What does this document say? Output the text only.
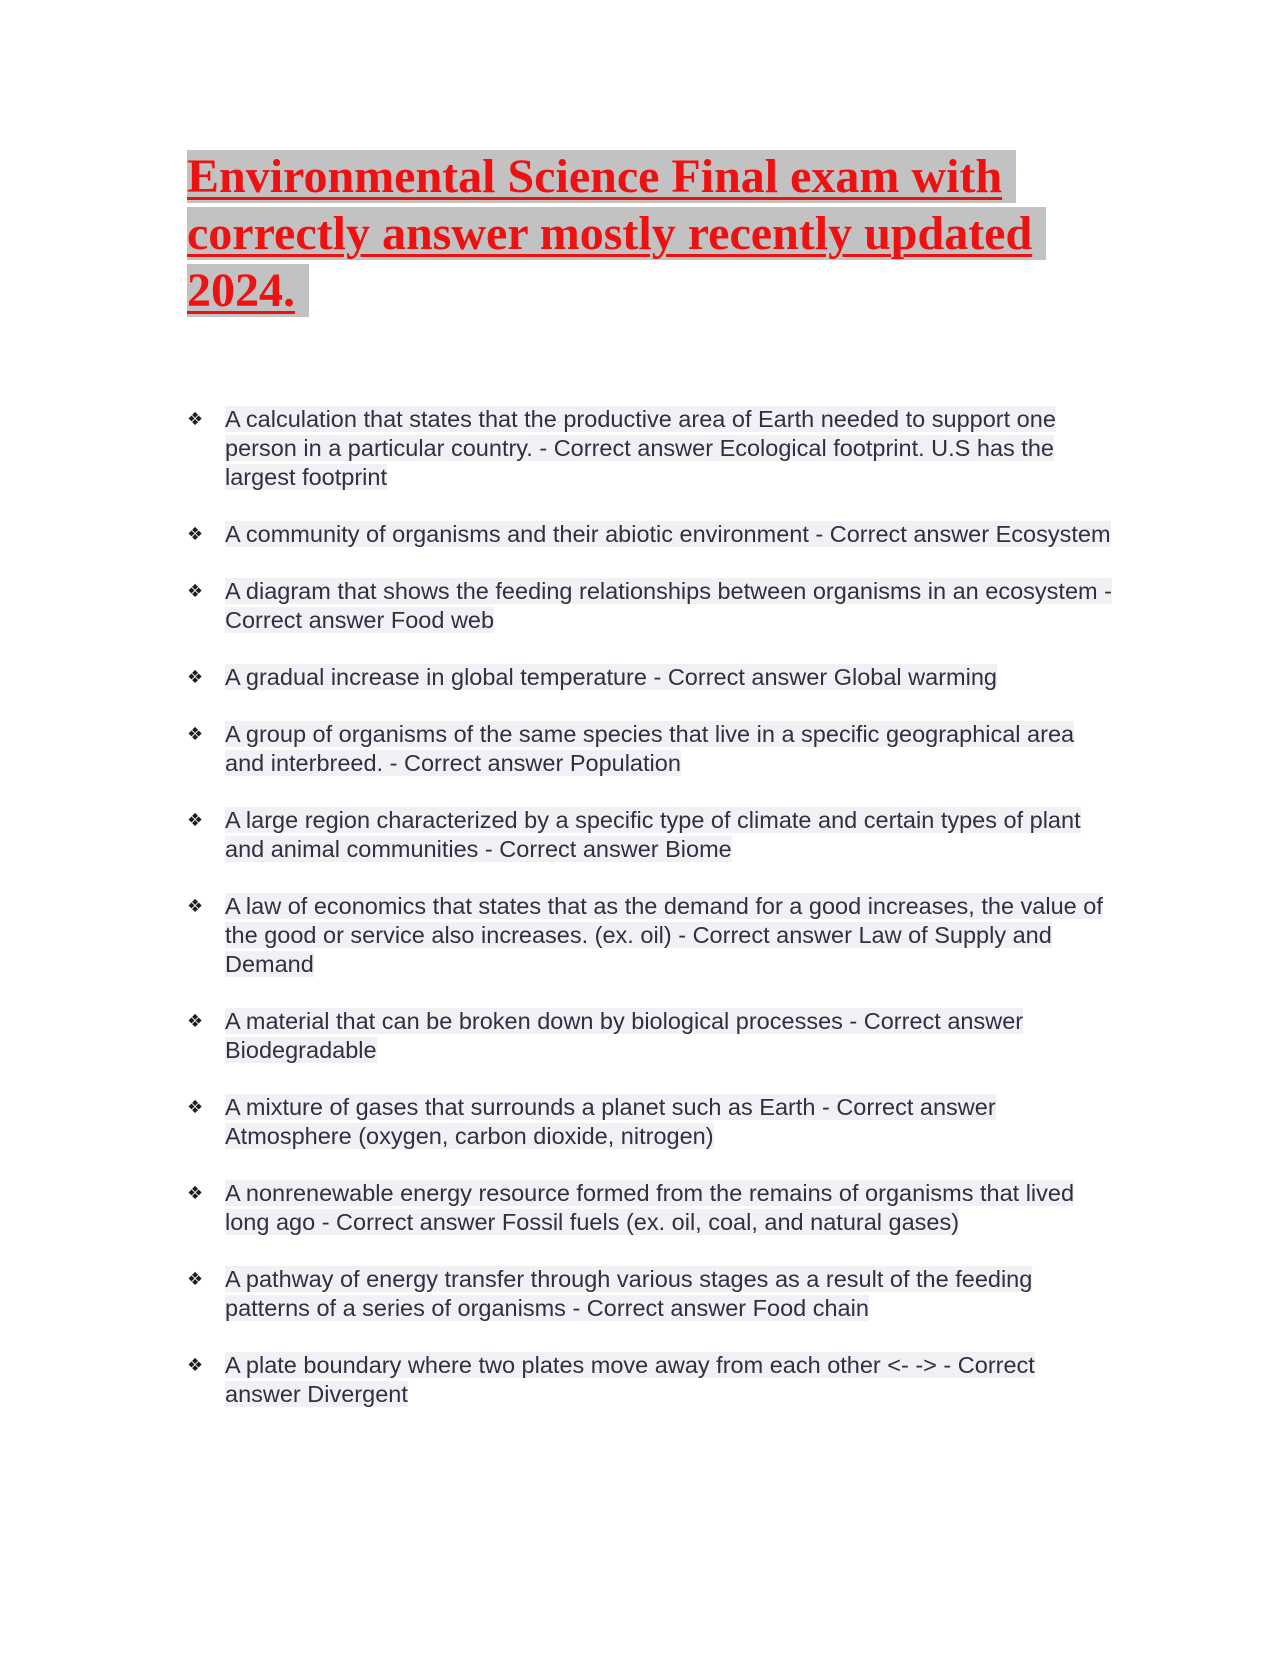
Environmental Science Final exam with correctly answer mostly recently updated 2024.
❖ A calculation that states that the productive area of Earth needed to support one person in a particular country. - Correct answer Ecological footprint. U.S has the largest footprint
❖ A community of organisms and their abiotic environment - Correct answer Ecosystem
❖ A diagram that shows the feeding relationships between organisms in an ecosystem - Correct answer Food web
❖ A gradual increase in global temperature - Correct answer Global warming
❖ A group of organisms of the same species that live in a specific geographical area and interbreed. - Correct answer Population
❖ A large region characterized by a specific type of climate and certain types of plant and animal communities - Correct answer Biome
❖ A law of economics that states that as the demand for a good increases, the value of the good or service also increases. (ex. oil) - Correct answer Law of Supply and Demand
❖ A material that can be broken down by biological processes - Correct answer Biodegradable
❖ A mixture of gases that surrounds a planet such as Earth - Correct answer Atmosphere (oxygen, carbon dioxide, nitrogen)
❖ A nonrenewable energy resource formed from the remains of organisms that lived long ago - Correct answer Fossil fuels (ex. oil, coal, and natural gases)
❖ A pathway of energy transfer through various stages as a result of the feeding patterns of a series of organisms - Correct answer Food chain
❖ A plate boundary where two plates move away from each other <- -> - Correct answer Divergent
